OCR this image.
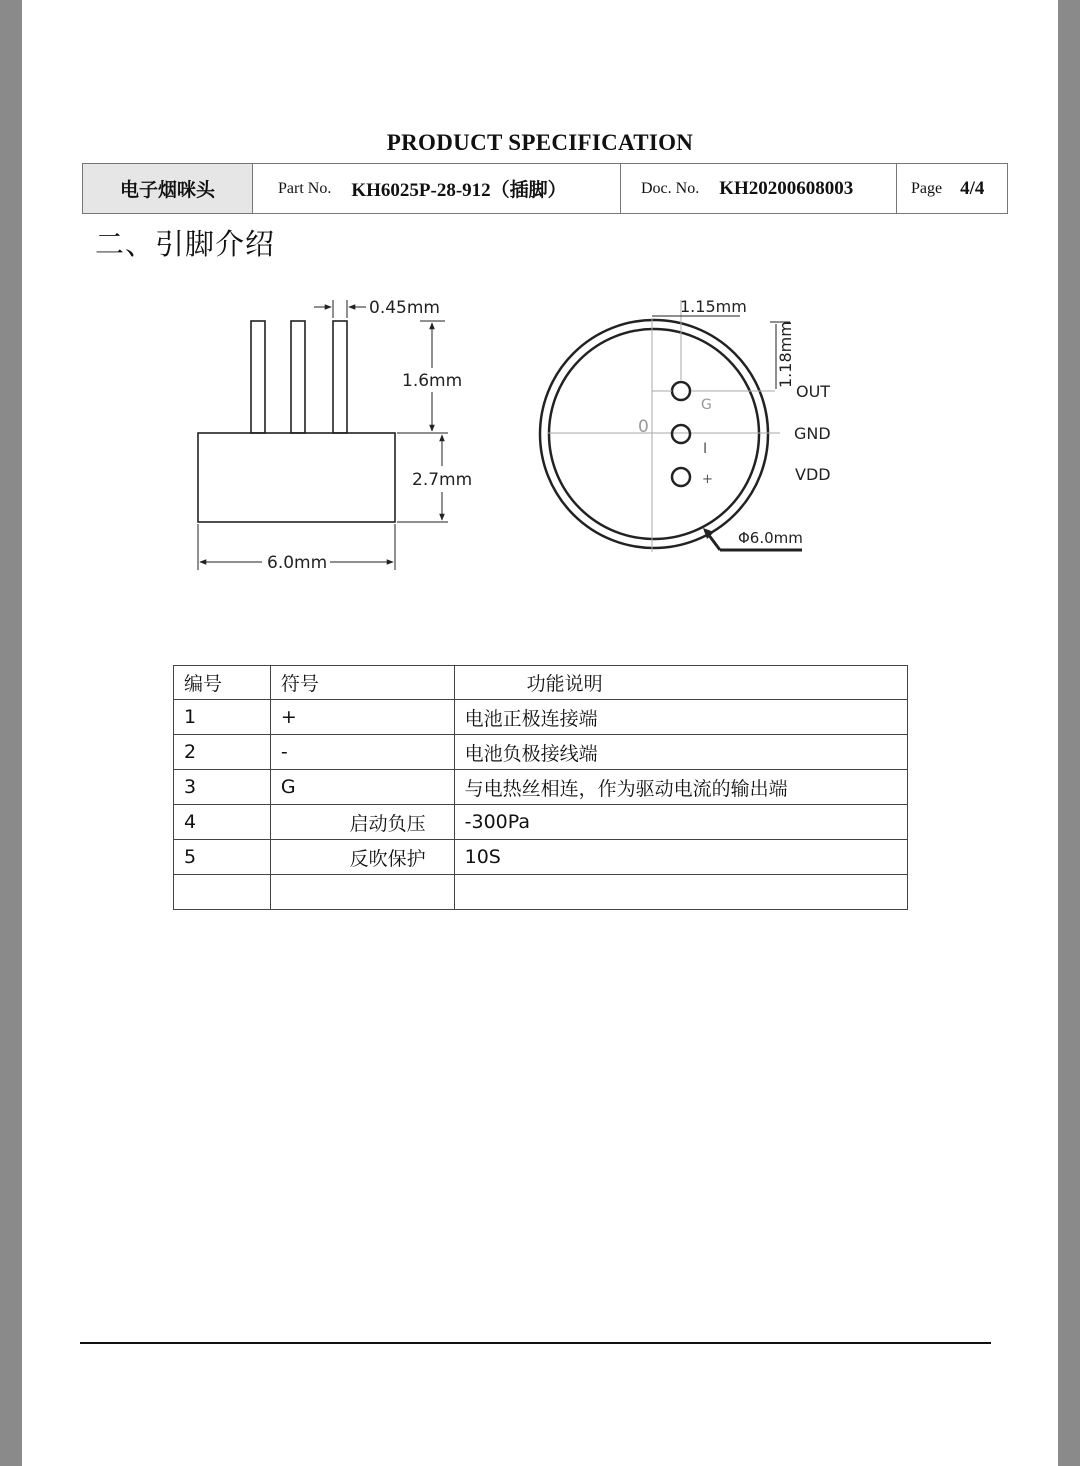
PRODUCT SPECIFICATION
电子烟咪头	Part No. KH6025P-28-912（插脚）	Doc. No. KH20200608003	Page 4/4
二、引脚介绍
0.45mm
1.6mm
2.7mm
6.0mm
1.15mm
1.18mm
0
G
I
+
OUT
GND
VDD
Φ6.0mm
编号	符号	功能说明
1	+	电池正极连接端
2	-	电池负极接线端
3	G	与电热丝相连，作为驱动电流的输出端
4	启动负压	-300Pa
5	反吹保护	10S
